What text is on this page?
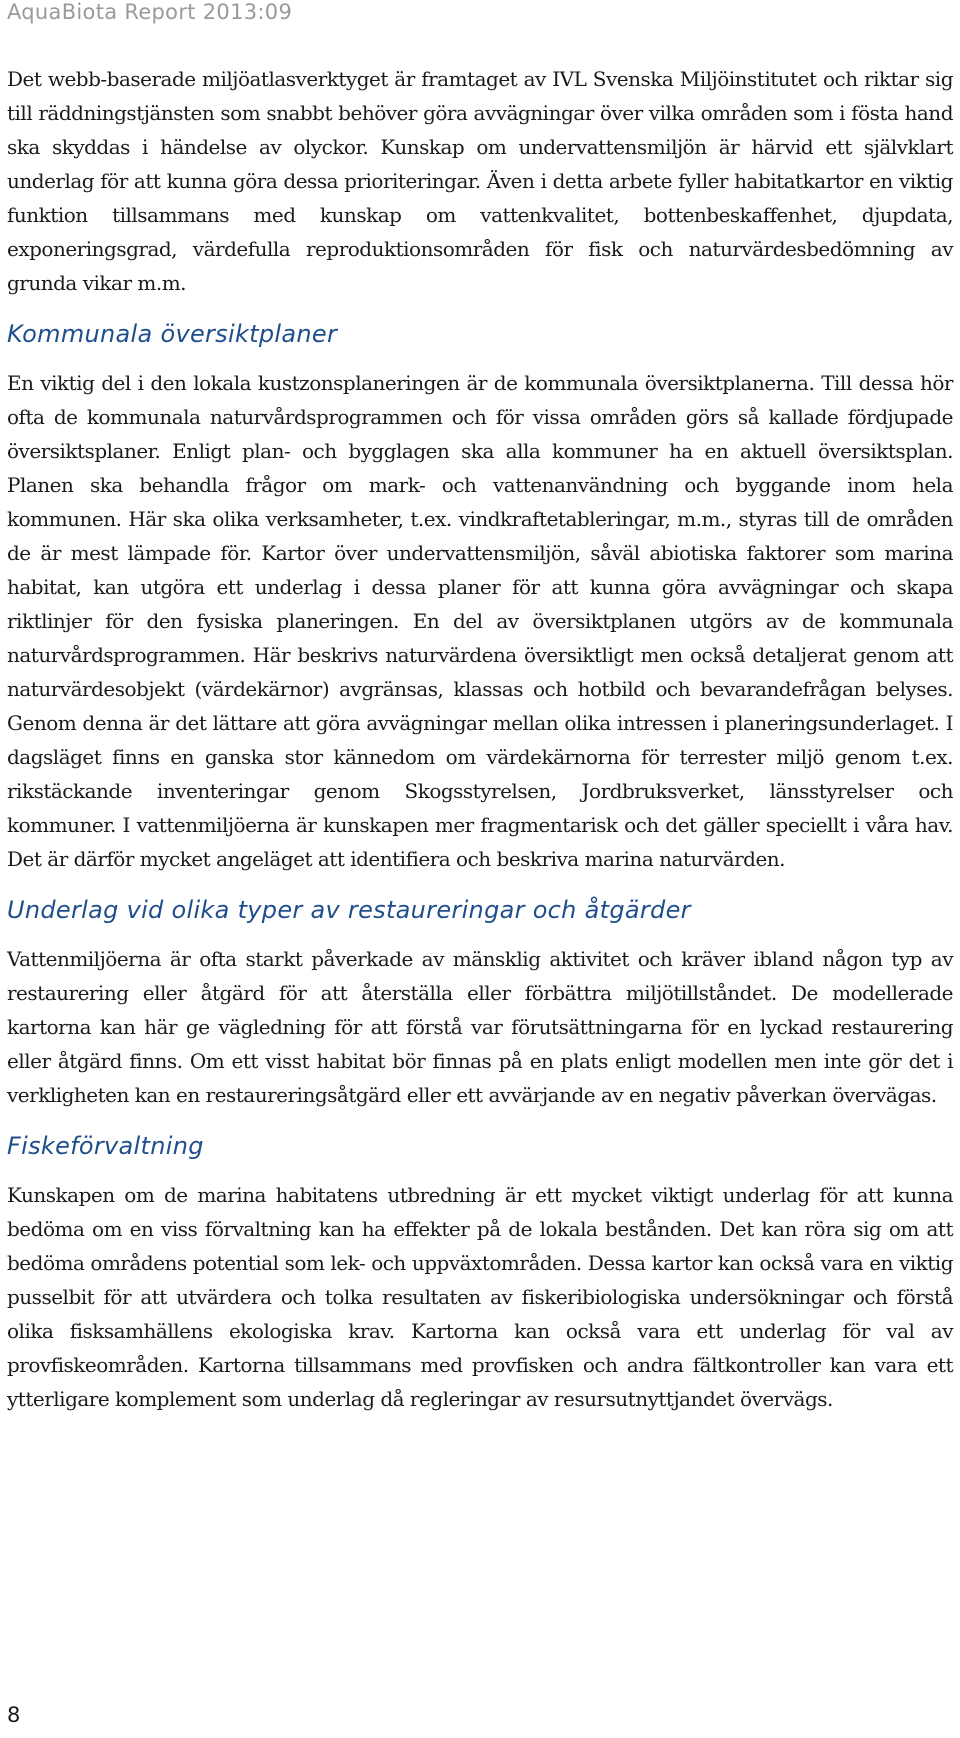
AquaBiota Report 2013:09

Det webb-baserade miljöatlasverktyget är framtaget av IVL Svenska Miljöinstitutet och riktar sig till räddningstjänsten som snabbt behöver göra avvägningar över vilka områden som i fösta hand ska skyddas i händelse av olyckor. Kunskap om undervattensmiljön är härvid ett självklart underlag för att kunna göra dessa prioriteringar. Även i detta arbete fyller habitatkartor en viktig funktion tillsammans med kunskap om vattenkvalitet, bottenbeskaffenhet, djupdata, exponeringsgrad, värdefulla reproduktionsområden för fisk och naturvärdesbedömning av grunda vikar m.m.

Kommunala översiktplaner

En viktig del i den lokala kustzonsplaneringen är de kommunala översiktplanerna. Till dessa hör ofta de kommunala naturvårdsprogrammen och för vissa områden görs så kallade fördjupade översiktsplaner. Enligt plan- och bygglagen ska alla kommuner ha en aktuell översiktsplan. Planen ska behandla frågor om mark- och vattenanvändning och byggande inom hela kommunen. Här ska olika verksamheter, t.ex. vindkraftetableringar, m.m., styras till de områden de är mest lämpade för. Kartor över undervattensmiljön, såväl abiotiska faktorer som marina habitat, kan utgöra ett underlag i dessa planer för att kunna göra avvägningar och skapa riktlinjer för den fysiska planeringen. En del av översiktplanen utgörs av de kommunala naturvårdsprogrammen. Här beskrivs naturvärdena översiktligt men också detaljerat genom att naturvärdesobjekt (värdekärnor) avgränsas, klassas och hotbild och bevarandefrågan belyses. Genom denna är det lättare att göra avvägningar mellan olika intressen i planeringsunderlaget. I dagsläget finns en ganska stor kännedom om värdekärnorna för terrester miljö genom t.ex. rikstäckande inventeringar genom Skogsstyrelsen, Jordbruksverket, länsstyrelser och kommuner. I vattenmiljöerna är kunskapen mer fragmentarisk och det gäller speciellt i våra hav. Det är därför mycket angeläget att identifiera och beskriva marina naturvärden.

Underlag vid olika typer av restaureringar och åtgärder

Vattenmiljöerna är ofta starkt påverkade av mänsklig aktivitet och kräver ibland någon typ av restaurering eller åtgärd för att återställa eller förbättra miljötillståndet. De modellerade kartorna kan här ge vägledning för att förstå var förutsättningarna för en lyckad restaurering eller åtgärd finns. Om ett visst habitat bör finnas på en plats enligt modellen men inte gör det i verkligheten kan en restaureringsåtgärd eller ett avvärjande av en negativ påverkan övervägas.

Fiskeförvaltning

Kunskapen om de marina habitatens utbredning är ett mycket viktigt underlag för att kunna bedöma om en viss förvaltning kan ha effekter på de lokala bestånden. Det kan röra sig om att bedöma områdens potential som lek- och uppväxtområden. Dessa kartor kan också vara en viktig pusselbit för att utvärdera och tolka resultaten av fiskeribiologiska undersökningar och förstå olika fisksamhällens ekologiska krav. Kartorna kan också vara ett underlag för val av provfiskeområden. Kartorna tillsammans med provfisken och andra fältkontroller kan vara ett ytterligare komplement som underlag då regleringar av resursutnyttjandet övervägs.

8
